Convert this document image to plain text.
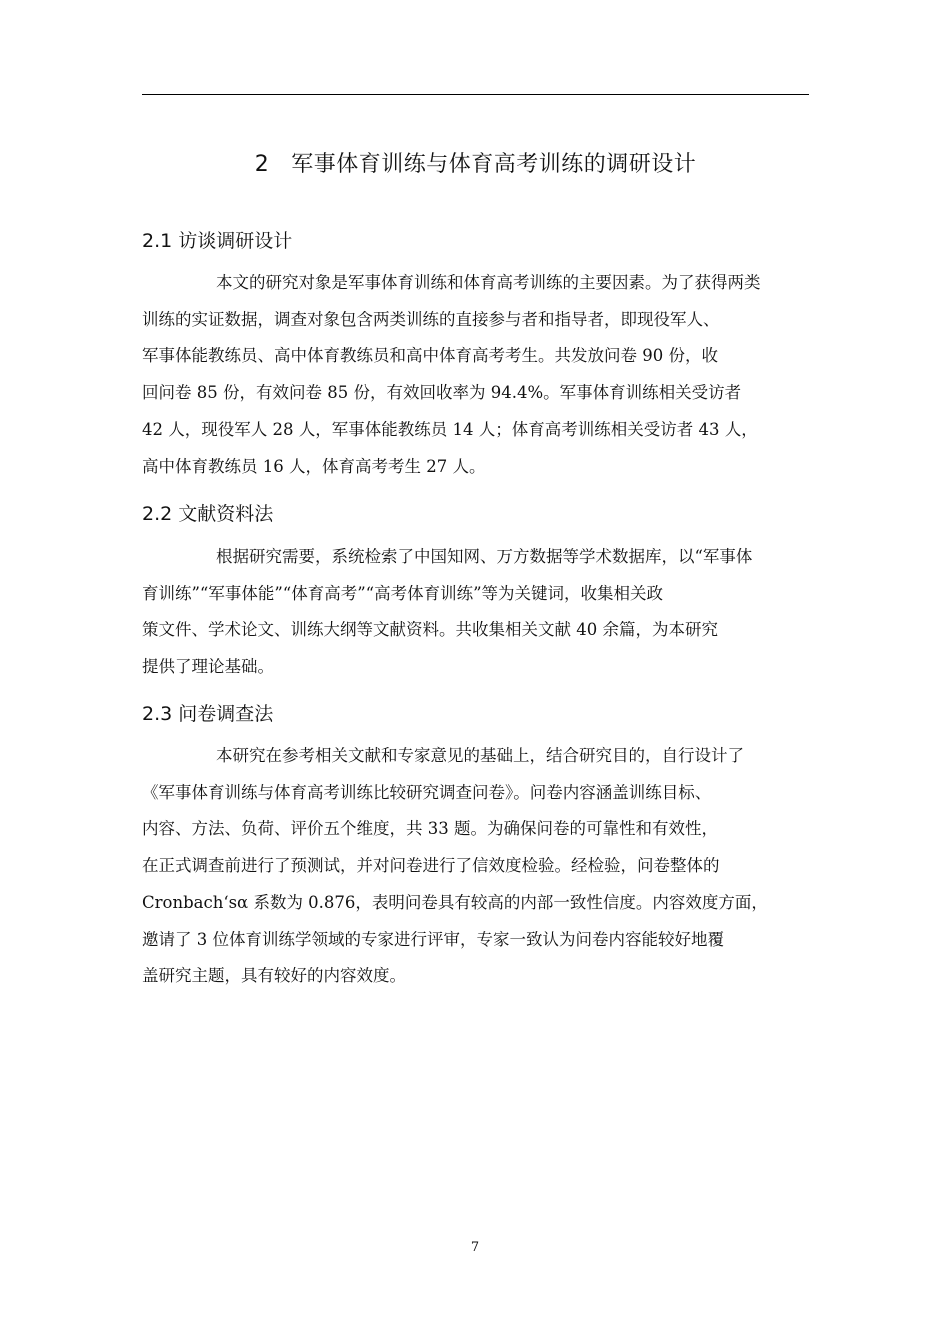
2 军事体育训练与体育高考训练的调研设计
2.1 访谈调研设计
本文的研究对象是军事体育训练和体育高考训练的主要因素。为了获得两类
训练的实证数据，调查对象包含两类训练的直接参与者和指导者，即现役军人、
军事体能教练员、高中体育教练员和高中体育高考考生。共发放问卷 90 份，收
回问卷 85 份，有效问卷 85 份，有效回收率为 94.4%。军事体育训练相关受访者
42 人，现役军人 28 人，军事体能教练员 14 人；体育高考训练相关受访者 43 人，
高中体育教练员 16 人，体育高考考生 27 人。
2.2 文献资料法
根据研究需要，系统检索了中国知网、万方数据等学术数据库，以“军事体
育训练”“军事体能”“体育高考”“高考体育训练”等为关键词，收集相关政
策文件、学术论文、训练大纲等文献资料。共收集相关文献 40 余篇，为本研究
提供了理论基础。
2.3 问卷调查法
本研究在参考相关文献和专家意见的基础上，结合研究目的，自行设计了
《军事体育训练与体育高考训练比较研究调查问卷》。问卷内容涵盖训练目标、
内容、方法、负荷、评价五个维度，共 33 题。为确保问卷的可靠性和有效性，
在正式调查前进行了预测试，并对问卷进行了信效度检验。经检验，问卷整体的
Cronbach‘sα 系数为 0.876，表明问卷具有较高的内部一致性信度。内容效度方面，
邀请了 3 位体育训练学领域的专家进行评审，专家一致认为问卷内容能较好地覆
盖研究主题，具有较好的内容效度。
7
